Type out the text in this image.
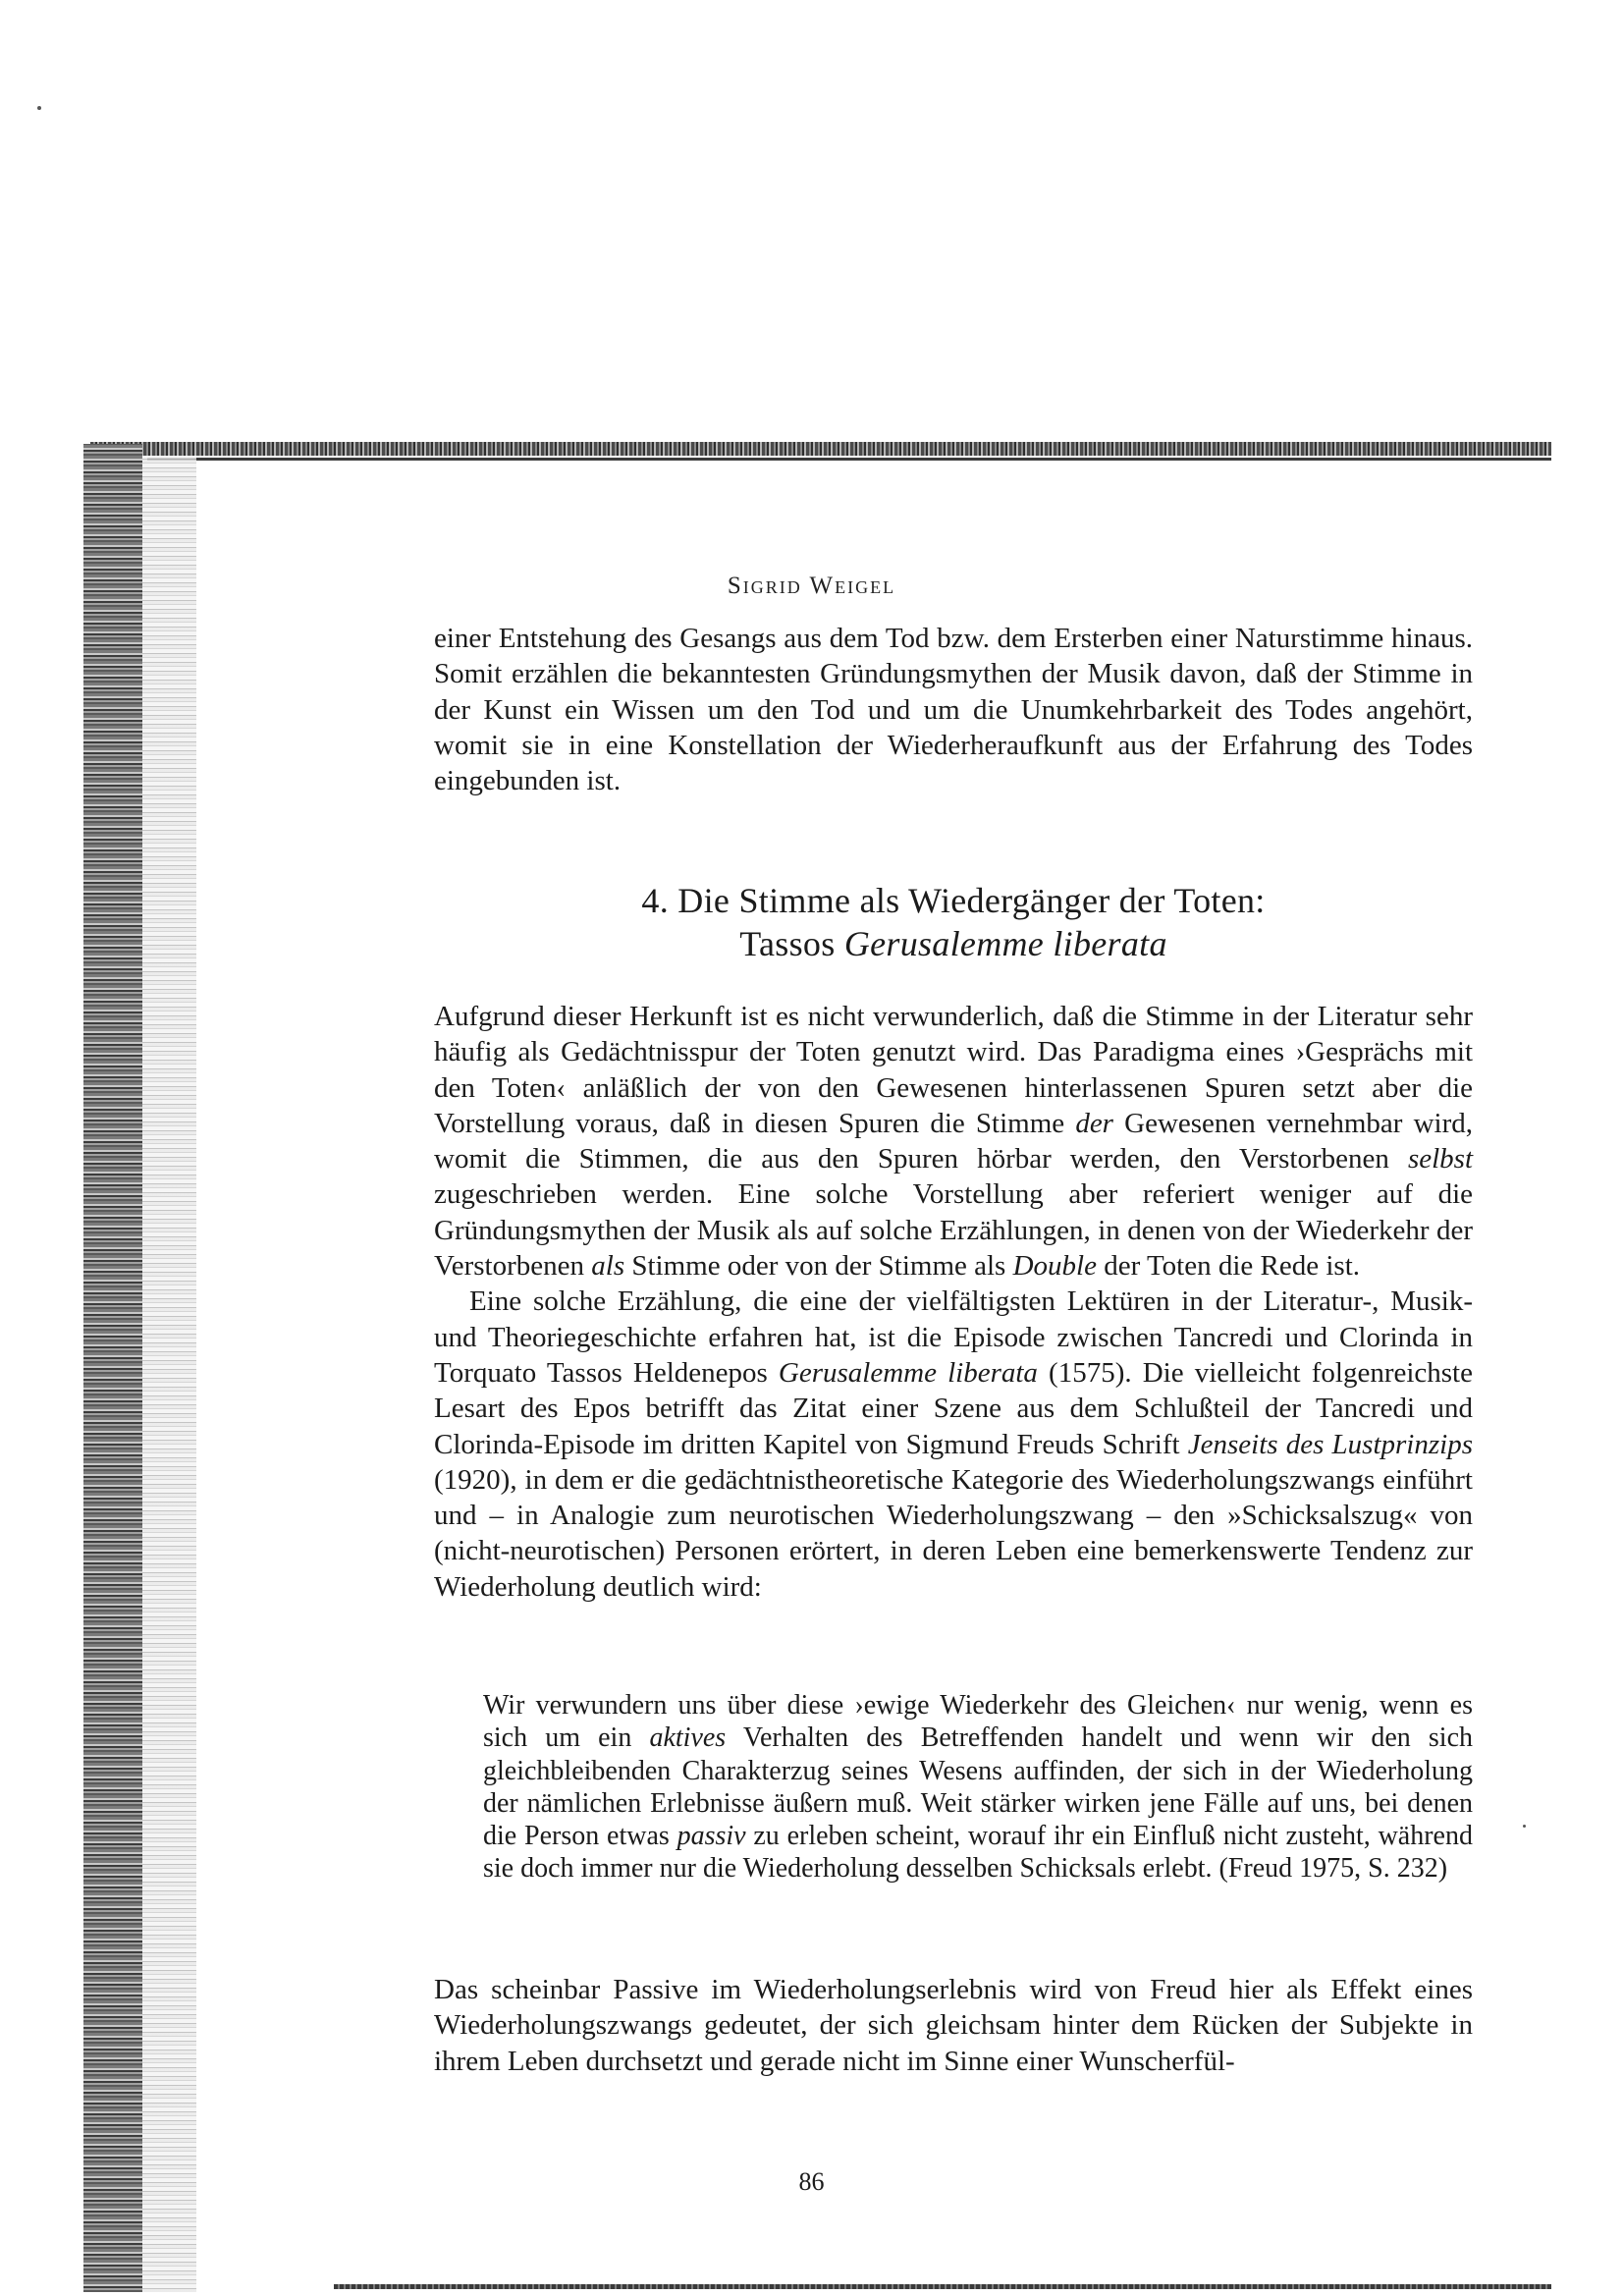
Sigrid Weigel

einer Entstehung des Gesangs aus dem Tod bzw. dem Ersterben einer Naturstimme hinaus. Somit erzählen die bekanntesten Gründungsmythen der Musik davon, daß der Stimme in der Kunst ein Wissen um den Tod und um die Unumkehrbarkeit des Todes angehört, womit sie in eine Konstellation der Wiederheraufkunft aus der Erfahrung des Todes eingebunden ist.

4. Die Stimme als Wiedergänger der Toten:
Tassos Gerusalemme liberata

Aufgrund dieser Herkunft ist es nicht verwunderlich, daß die Stimme in der Literatur sehr häufig als Gedächtnisspur der Toten genutzt wird. Das Paradigma eines ›Gesprächs mit den Toten‹ anläßlich der von den Gewesenen hinterlassenen Spuren setzt aber die Vorstellung voraus, daß in diesen Spuren die Stimme der Gewesenen vernehmbar wird, womit die Stimmen, die aus den Spuren hörbar werden, den Verstorbenen selbst zugeschrieben werden. Eine solche Vorstellung aber referiert weniger auf die Gründungsmythen der Musik als auf solche Erzählungen, in denen von der Wiederkehr der Verstorbenen als Stimme oder von der Stimme als Double der Toten die Rede ist.

Eine solche Erzählung, die eine der vielfältigsten Lektüren in der Literatur-, Musik- und Theoriegeschichte erfahren hat, ist die Episode zwischen Tancredi und Clorinda in Torquato Tassos Heldenepos Gerusalemme liberata (1575). Die vielleicht folgenreichste Lesart des Epos betrifft das Zitat einer Szene aus dem Schlußteil der Tancredi und Clorinda-Episode im dritten Kapitel von Sigmund Freuds Schrift Jenseits des Lustprinzips (1920), in dem er die gedächtnistheoretische Kategorie des Wiederholungszwangs einführt und – in Analogie zum neurotischen Wiederholungszwang – den »Schicksalszug« von (nicht-neurotischen) Personen erörtert, in deren Leben eine bemerkenswerte Tendenz zur Wiederholung deutlich wird:

Wir verwundern uns über diese ›ewige Wiederkehr des Gleichen‹ nur wenig, wenn es sich um ein aktives Verhalten des Betreffenden handelt und wenn wir den sich gleichbleibenden Charakterzug seines Wesens auffinden, der sich in der Wiederholung der nämlichen Erlebnisse äußern muß. Weit stärker wirken jene Fälle auf uns, bei denen die Person etwas passiv zu erleben scheint, worauf ihr ein Einfluß nicht zusteht, während sie doch immer nur die Wiederholung desselben Schicksals erlebt. (Freud 1975, S. 232)

Das scheinbar Passive im Wiederholungserlebnis wird von Freud hier als Effekt eines Wiederholungszwangs gedeutet, der sich gleichsam hinter dem Rücken der Subjekte in ihrem Leben durchsetzt und gerade nicht im Sinne einer Wunscherfül-

86
